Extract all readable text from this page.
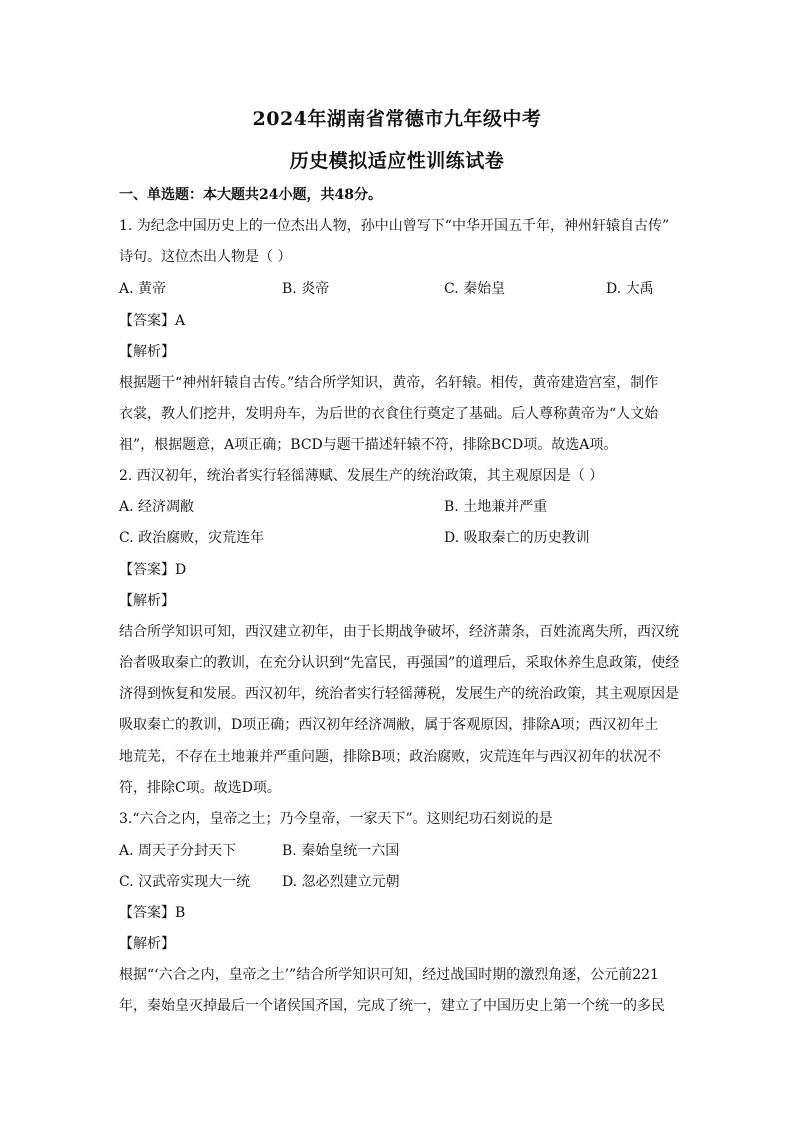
2024年湖南省常德市九年级中考
历史模拟适应性训练试卷
一、单选题：本大题共24小题，共48分。
1. 为纪念中国历史上的一位杰出人物，孙中山曾写下“中华开国五千年，神州轩辕自古传”
诗句。这位杰出人物是（ ）
A. 黄帝	B. 炎帝	C. 秦始皇	D. 大禹
【答案】A
【解析】
根据题干“神州轩辕自古传。”结合所学知识，黄帝，名轩辕。相传，黄帝建造宫室，制作
衣裳，教人们挖井，发明舟车，为后世的衣食住行奠定了基础。后人尊称黄帝为“人文始
祖”，根据题意，A项正确；BCD与题干描述轩辕不符，排除BCD项。故选A项。
2. 西汉初年，统治者实行轻徭薄赋、发展生产的统治政策，其主观原因是（ ）
A. 经济凋敝	B. 土地兼并严重
C. 政治腐败，灾荒连年	D. 吸取秦亡的历史教训
【答案】D
【解析】
结合所学知识可知，西汉建立初年，由于长期战争破坏，经济萧条，百姓流离失所，西汉统
治者吸取秦亡的教训，在充分认识到“先富民，再强国”的道理后，采取休养生息政策，使经
济得到恢复和发展。西汉初年，统治者实行轻徭薄税，发展生产的统治政策，其主观原因是
吸取秦亡的教训，D项正确；西汉初年经济凋敝，属于客观原因，排除A项；西汉初年土
地荒芜，不存在土地兼并严重问题，排除B项；政治腐败，灾荒连年与西汉初年的状况不
符，排除C项。故选D项。
3.“六合之内，皇帝之土；乃今皇帝，一家天下”。这则纪功石刻说的是
A. 周天子分封天下	B. 秦始皇统一六国
C. 汉武帝实现大一统 D. 忽必烈建立元朝
【答案】B
【解析】
根据“‘六合之内，皇帝之土’”结合所学知识可知，经过战国时期的激烈角逐，公元前221
年，秦始皇灭掉最后一个诸侯国齐国，完成了统一，建立了中国历史上第一个统一的多民
